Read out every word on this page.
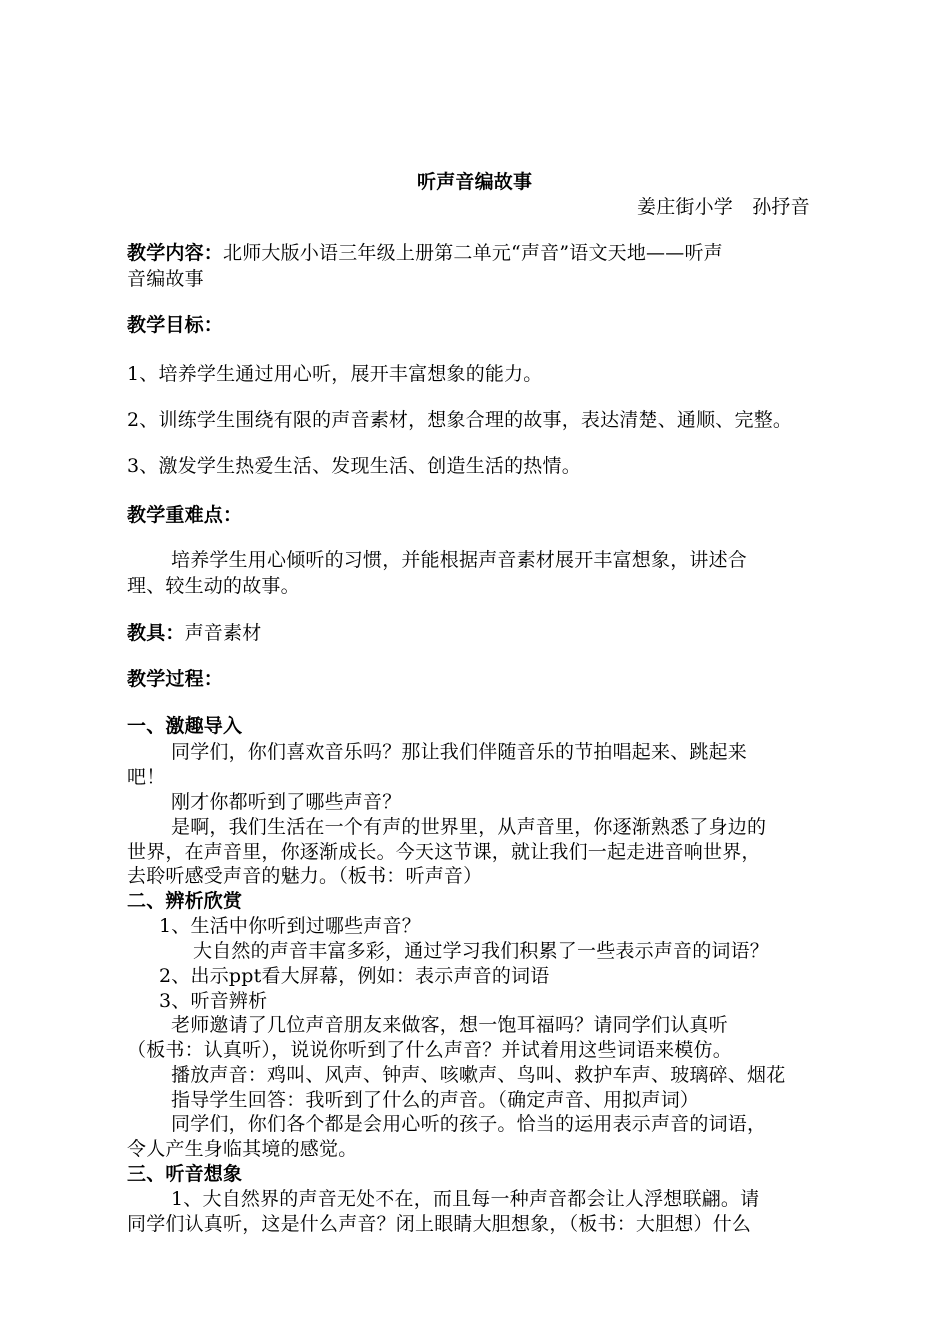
听声音编故事
姜庄街小学　孙抒音
教学内容：北师大版小语三年级上册第二单元“声音”语文天地——听声
音编故事
教学目标：
1、培养学生通过用心听，展开丰富想象的能力。
2、训练学生围绕有限的声音素材，想象合理的故事，表达清楚、通顺、完整。
3、激发学生热爱生活、发现生活、创造生活的热情。
教学重难点：
培养学生用心倾听的习惯，并能根据声音素材展开丰富想象，讲述合
理、较生动的故事。
教具：声音素材
教学过程：
一、激趣导入
同学们，你们喜欢音乐吗？那让我们伴随音乐的节拍唱起来、跳起来
吧！
刚才你都听到了哪些声音？
是啊，我们生活在一个有声的世界里，从声音里，你逐渐熟悉了身边的
世界，在声音里，你逐渐成长。今天这节课，就让我们一起走进音响世界，
去聆听感受声音的魅力。（板书：听声音）
二、辨析欣赏
1、生活中你听到过哪些声音？
大自然的声音丰富多彩，通过学习我们积累了一些表示声音的词语？
2、出示ppt看大屏幕，例如：表示声音的词语
3、听音辨析
老师邀请了几位声音朋友来做客，想一饱耳福吗？请同学们认真听
（板书：认真听），说说你听到了什么声音？并试着用这些词语来模仿。
播放声音：鸡叫、风声、钟声、咳嗽声、鸟叫、救护车声、玻璃碎、烟花
指导学生回答：我听到了什么的声音。（确定声音、用拟声词）
同学们，你们各个都是会用心听的孩子。恰当的运用表示声音的词语，
令人产生身临其境的感觉。
三、听音想象
1、大自然界的声音无处不在，而且每一种声音都会让人浮想联翩。请
同学们认真听，这是什么声音？闭上眼睛大胆想象，（板书：大胆想）什么
